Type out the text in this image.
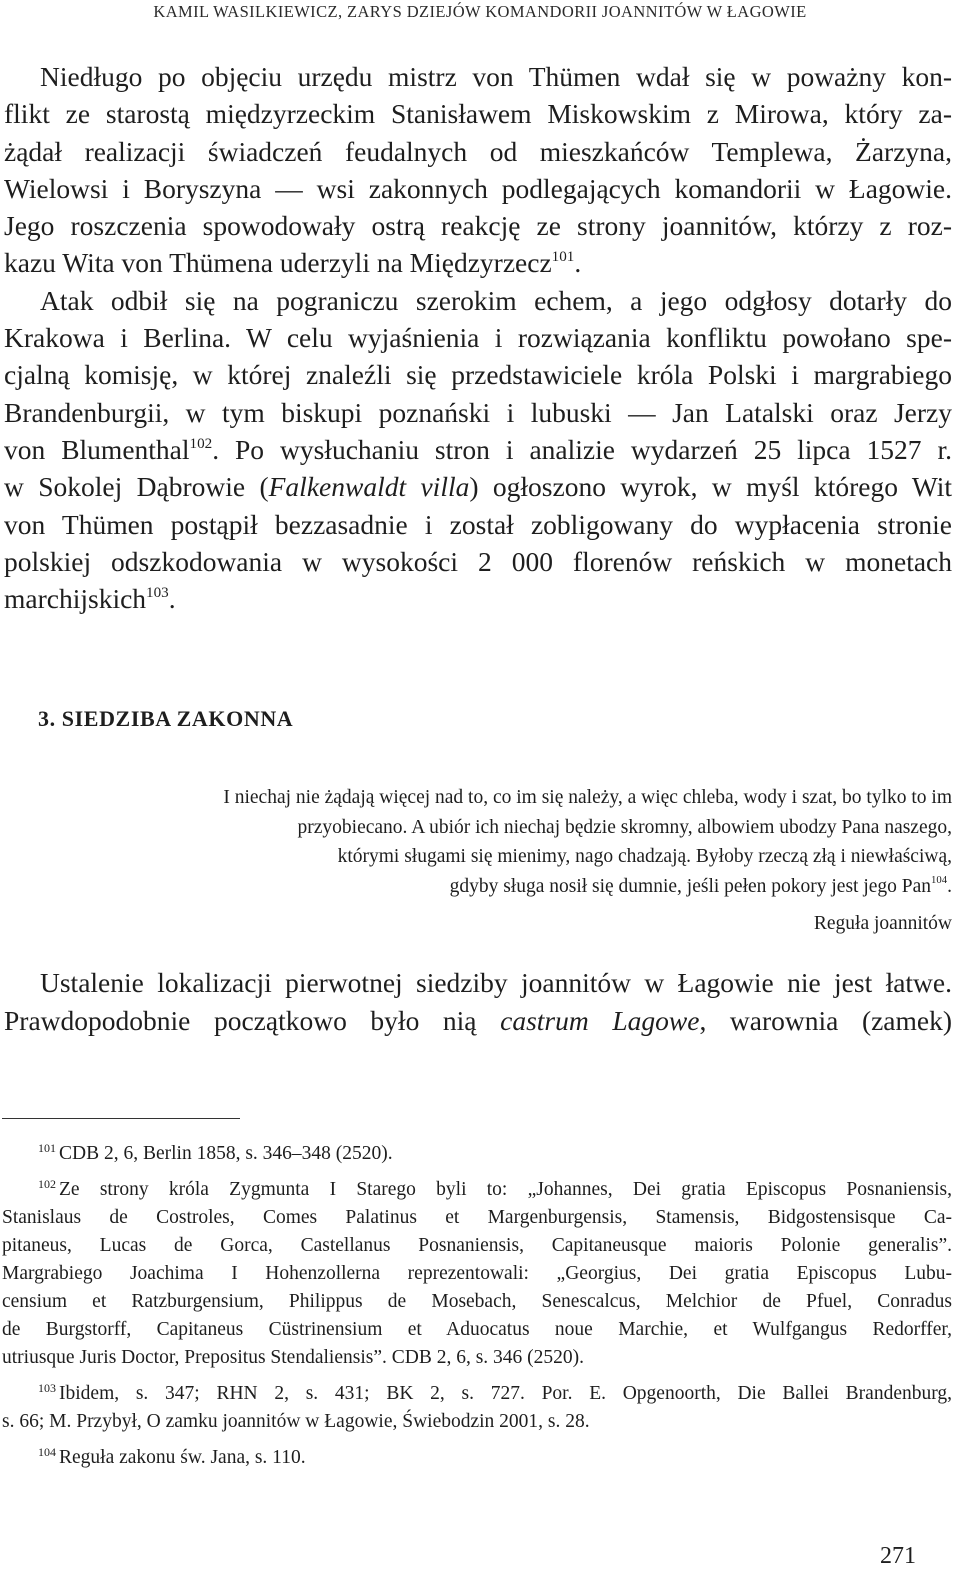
KAMIL WASILKIEWICZ, ZARYS DZIEJÓW KOMANDORII JOANNITÓW W ŁAGOWIE
Niedługo po objęciu urzędu mistrz von Thümen wdał się w poważny kon-
flikt ze starostą międzyrzeckim Stanisławem Miskowskim z Mirowa, który za-
żądał realizacji świadczeń feudalnych od mieszkańców Templewa, Żarzyna,
Wielowsi i Boryszyna — wsi zakonnych podlegających komandorii w Łagowie.
Jego roszczenia spowodowały ostrą reakcję ze strony joannitów, którzy z roz-
kazu Wita von Thümena uderzyli na Międzyrzecz$^{101}$.
Atak odbił się na pograniczu szerokim echem, a jego odgłosy dotarły do
Krakowa i Berlina. W celu wyjaśnienia i rozwiązania konfliktu powołano spe-
cjalną komisję, w której znaleźli się przedstawiciele króla Polski i margrabiego
Brandenburgii, w tym biskupi poznański i lubuski — Jan Latalski oraz Jerzy
von Blumenthal$^{102}$. Po wysłuchaniu stron i analizie wydarzeń 25 lipca 1527 r.
w Sokolej Dąbrowie (Falkenwaldt villa) ogłoszono wyrok, w myśl którego Wit
von Thümen postąpił bezzasadnie i został zobligowany do wypłacenia stronie
polskiej odszkodowania w wysokości 2 000 florenów reńskich w monetach
marchijskich$^{103}$.
3. SIEDZIBA ZAKONNA
I niechaj nie żądają więcej nad to, co im się należy, a więc chleba, wody i szat, bo tylko to im
przyobiecano. A ubiór ich niechaj będzie skromny, albowiem ubodzy Pana naszego,
którymi sługami się mienimy, nago chadzają. Byłoby rzeczą złą i niewłaściwą,
gdyby sługa nosił się dumnie, jeśli pełen pokory jest jego Pan$^{104}$.
Reguła joannitów
Ustalenie lokalizacji pierwotnej siedziby joannitów w Łagowie nie jest łatwe.
Prawdopodobnie początkowo było nią castrum Lagowe, warownia (zamek)
$^{101}$ CDB 2, 6, Berlin 1858, s. 346–348 (2520).
$^{102}$ Ze strony króla Zygmunta I Starego byli to: „Johannes, Dei gratia Episcopus Posnaniensis,
Stanislaus de Costroles, Comes Palatinus et Margenburgensis, Stamensis, Bidgostensisque Ca-
pitaneus, Lucas de Gorca, Castellanus Posnaniensis, Capitaneusque maioris Polonie generalis”.
Margrabiego Joachima I Hohenzollerna reprezentowali: „Georgius, Dei gratia Episcopus Lubu-
censium et Ratzburgensium, Philippus de Mosebach, Senescalcus, Melchior de Pfuel, Conradus
de Burgstorff, Capitaneus Cüstrinensium et Aduocatus noue Marchie, et Wulfgangus Redorffer,
utriusque Juris Doctor, Prepositus Stendaliensis”. CDB 2, 6, s. 346 (2520).
$^{103}$ Ibidem, s. 347; RHN 2, s. 431; BK 2, s. 727. Por. E. Opgenoorth, Die Ballei Brandenburg,
s. 66; M. Przybył, O zamku joannitów w Łagowie, Świebodzin 2001, s. 28.
$^{104}$ Reguła zakonu św. Jana, s. 110.
271
